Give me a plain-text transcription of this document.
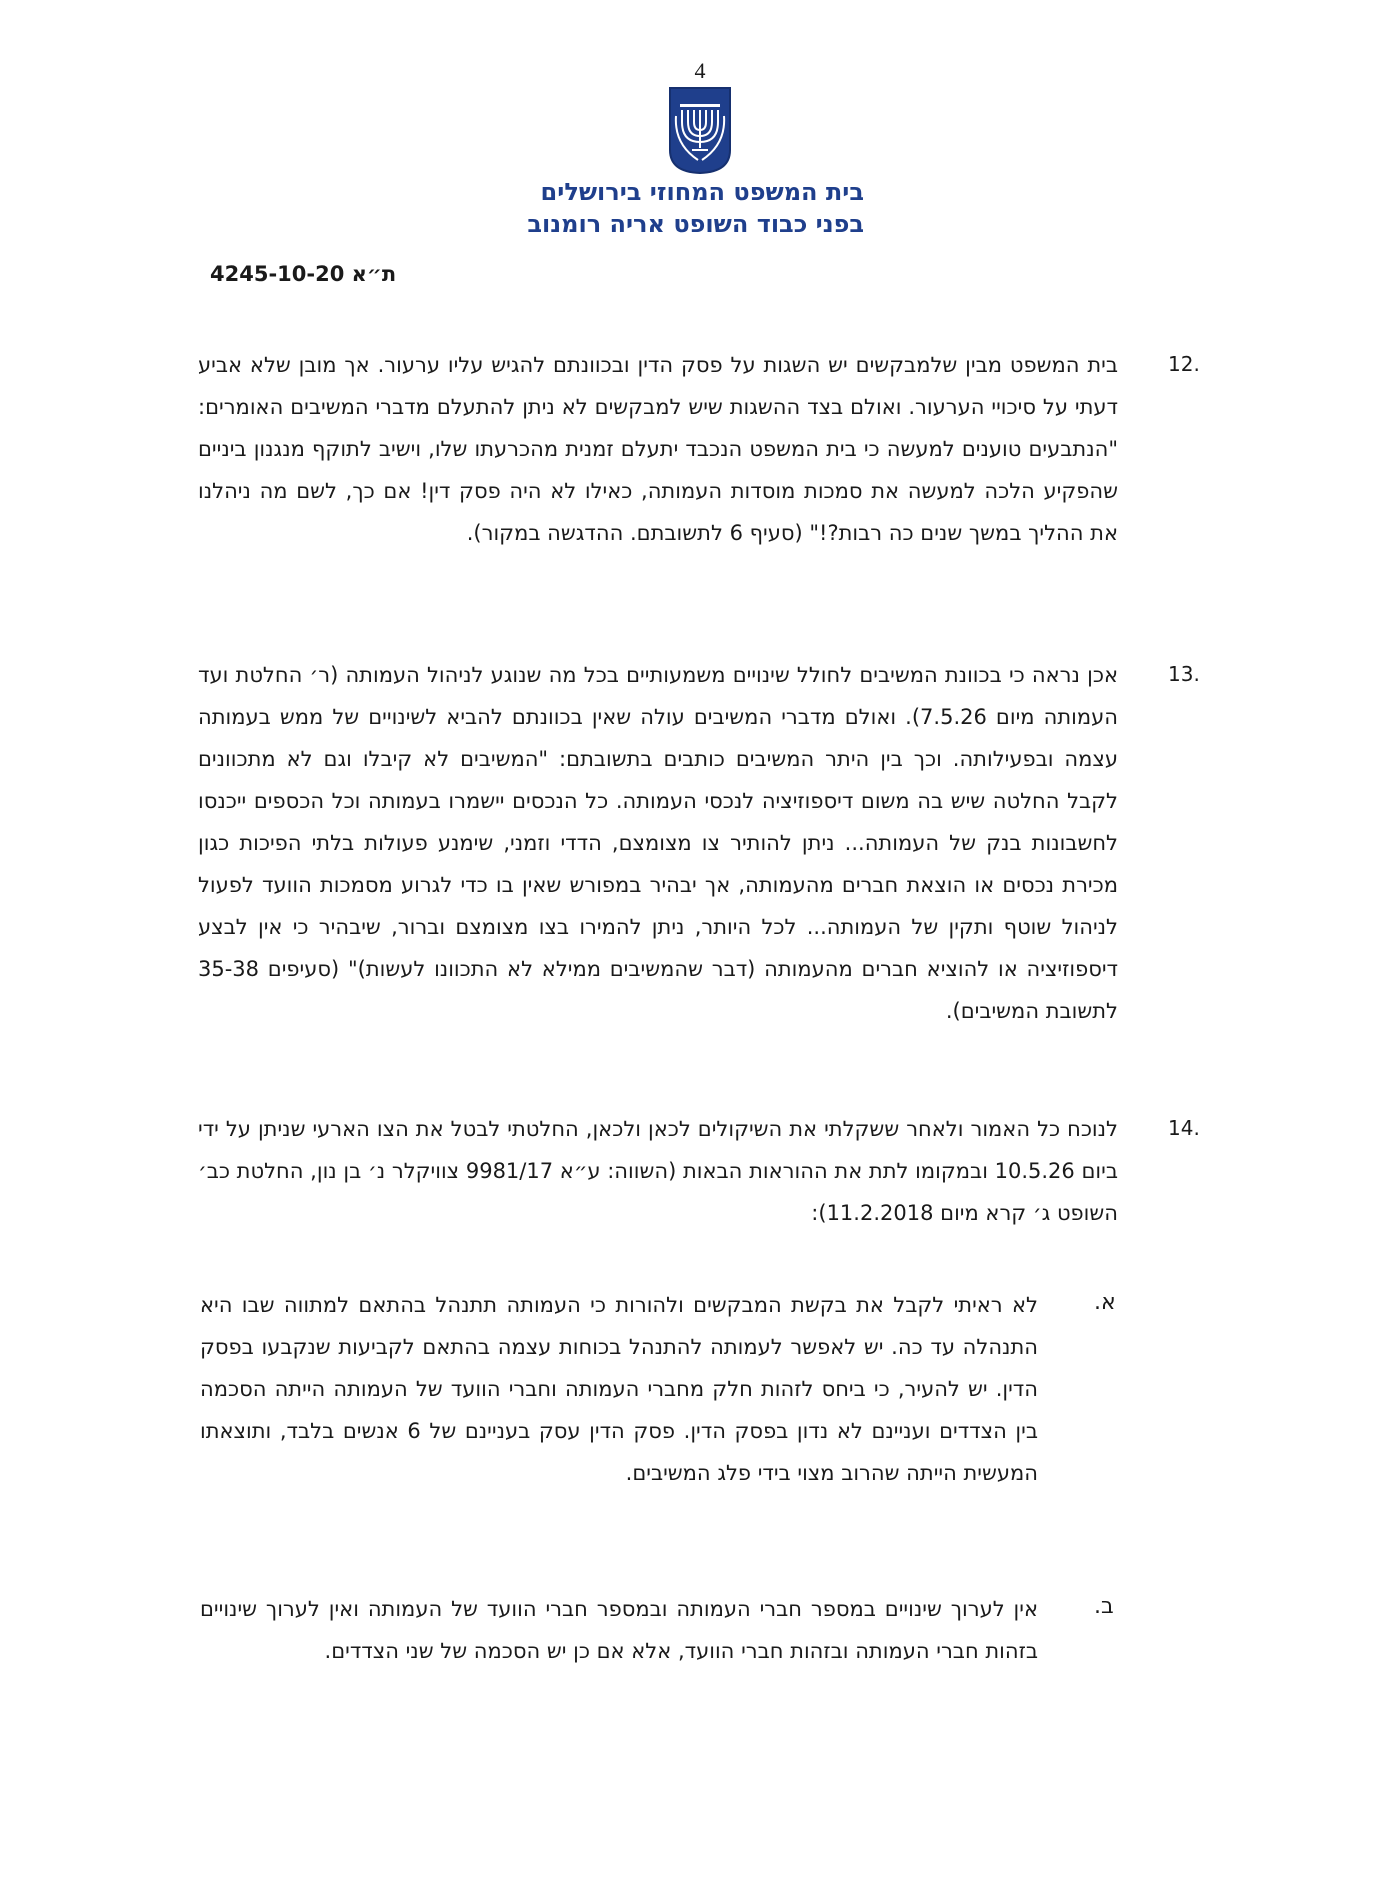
4
בית המשפט המחוזי בירושלים
בפני כבוד השופט אריה רומנוב
ת״א 4245-10-20
12.

בית המשפט מבין שלמבקשים יש השגות על פסק הדין ובכוונתם להגיש עליו ערעור. אך מובן שלא אביע דעתי על סיכויי הערעור. ואולם בצד ההשגות שיש למבקשים לא ניתן להתעלם מדברי המשיבים האומרים: "הנתבעים טוענים למעשה כי בית המשפט הנכבד יתעלם זמנית מהכרעתו שלו, וישיב לתוקף מנגנון ביניים שהפקיע הלכה למעשה את סמכות מוסדות העמותה, כאילו לא היה פסק דין! אם כך, לשם מה ניהלנו את ההליך במשך שנים כה רבות?!" (סעיף 6 לתשובתם. ההדגשה במקור).

13.

אכן נראה כי בכוונת המשיבים לחולל שינויים משמעותיים בכל מה שנוגע לניהול העמותה (ר׳ החלטת ועד העמותה מיום 7.5.26). ואולם מדברי המשיבים עולה שאין בכוונתם להביא לשינויים של ממש בעמותה עצמה ובפעילותה. וכך בין היתר המשיבים כותבים בתשובתם: "המשיבים לא קיבלו וגם לא מתכוונים לקבל החלטה שיש בה משום דיספוזיציה לנכסי העמותה. כל הנכסים יישמרו בעמותה וכל הכספים ייכנסו לחשבונות בנק של העמותה... ניתן להותיר צו מצומצם, הדדי וזמני, שימנע פעולות בלתי הפיכות כגון מכירת נכסים או הוצאת חברים מהעמותה, אך יבהיר במפורש שאין בו כדי לגרוע מסמכות הוועד לפעול לניהול שוטף ותקין של העמותה... לכל היותר, ניתן להמירו בצו מצומצם וברור, שיבהיר כי אין לבצע דיספוזיציה או להוציא חברים מהעמותה (דבר שהמשיבים ממילא לא התכוונו לעשות)" (סעיפים 35-38 לתשובת המשיבים).

14.

לנוכח כל האמור ולאחר ששקלתי את השיקולים לכאן ולכאן, החלטתי לבטל את הצו הארעי שניתן על ידי ביום 10.5.26 ובמקומו לתת את ההוראות הבאות (השווה: ע״א 9981/17 צוויקלר נ׳ בן נון, החלטת כב׳ השופט ג׳ קרא מיום 11.2.2018):

א.

לא ראיתי לקבל את בקשת המבקשים ולהורות כי העמותה תתנהל בהתאם למתווה שבו היא התנהלה עד כה. יש לאפשר לעמותה להתנהל בכוחות עצמה בהתאם לקביעות שנקבעו בפסק הדין. יש להעיר, כי ביחס לזהות חלק מחברי העמותה וחברי הוועד של העמותה הייתה הסכמה בין הצדדים ועניינם לא נדון בפסק הדין. פסק הדין עסק בעניינם של 6 אנשים בלבד, ותוצאתו המעשית הייתה שהרוב מצוי בידי פלג המשיבים.

ב.

אין לערוך שינויים במספר חברי העמותה ובמספר חברי הוועד של העמותה ואין לערוך שינויים בזהות חברי העמותה ובזהות חברי הוועד, אלא אם כן יש הסכמה של שני הצדדים.
